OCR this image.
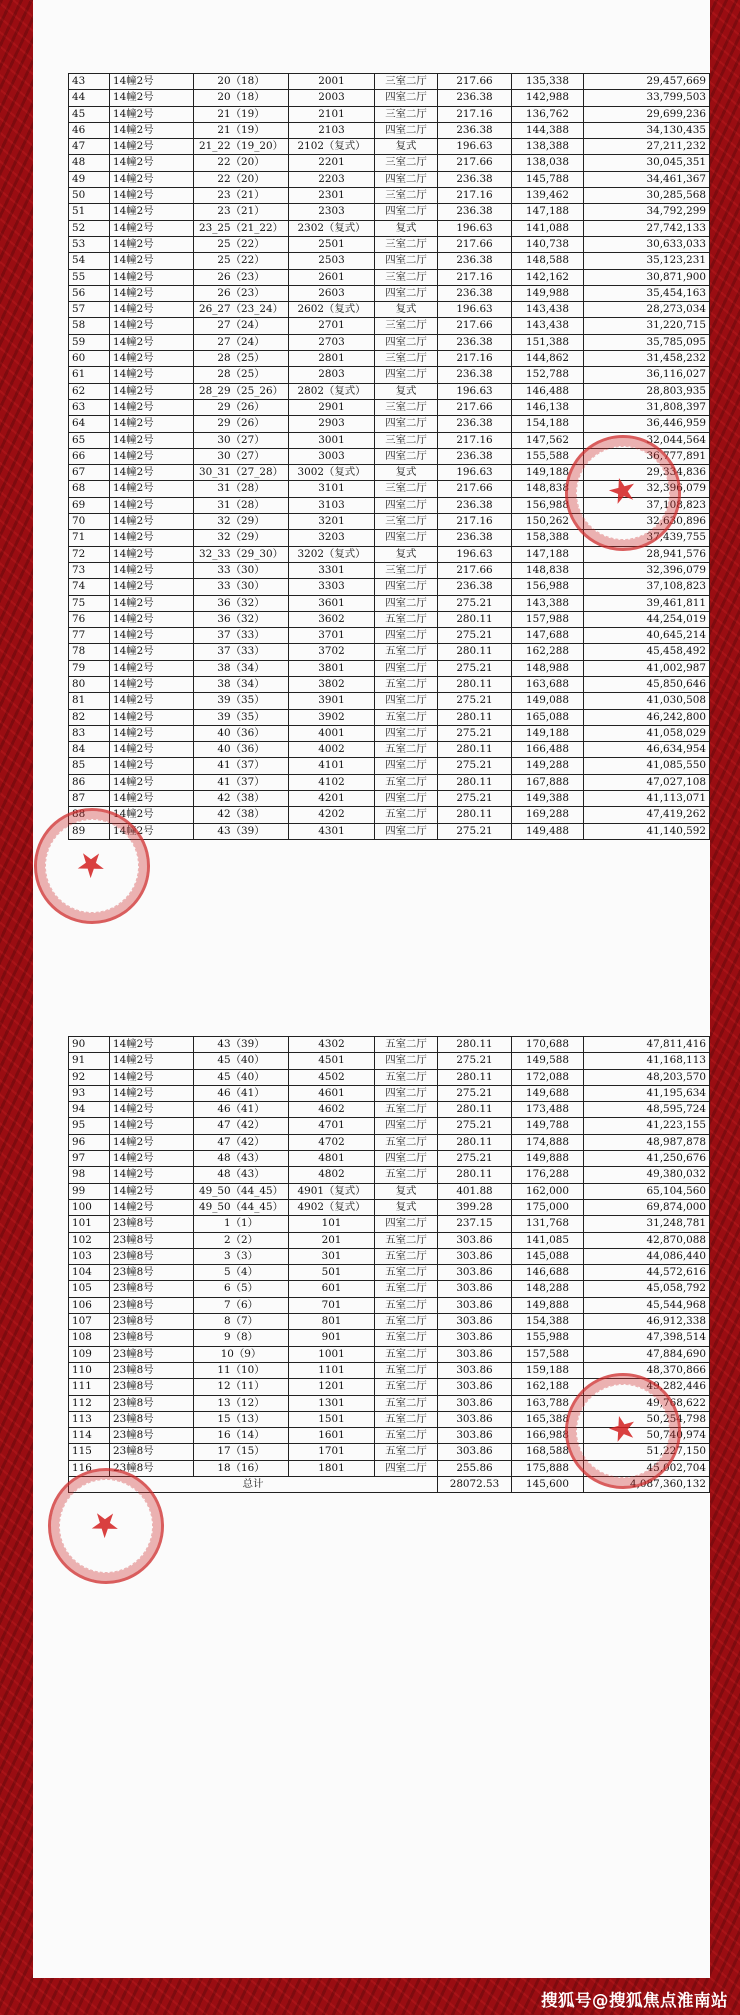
43	14幢2号	20（18）	2001	三室二厅	217.66	135,338	29,457,669
44	14幢2号	20（18）	2003	四室二厅	236.38	142,988	33,799,503
45	14幢2号	21（19）	2101	三室二厅	217.16	136,762	29,699,236
46	14幢2号	21（19）	2103	四室二厅	236.38	144,388	34,130,435
47	14幢2号	21_22（19_20）	2102（复式）	复式	196.63	138,388	27,211,232
48	14幢2号	22（20）	2201	三室二厅	217.66	138,038	30,045,351
49	14幢2号	22（20）	2203	四室二厅	236.38	145,788	34,461,367
50	14幢2号	23（21）	2301	三室二厅	217.16	139,462	30,285,568
51	14幢2号	23（21）	2303	四室二厅	236.38	147,188	34,792,299
52	14幢2号	23_25（21_22）	2302（复式）	复式	196.63	141,088	27,742,133
53	14幢2号	25（22）	2501	三室二厅	217.66	140,738	30,633,033
54	14幢2号	25（22）	2503	四室二厅	236.38	148,588	35,123,231
55	14幢2号	26（23）	2601	三室二厅	217.16	142,162	30,871,900
56	14幢2号	26（23）	2603	四室二厅	236.38	149,988	35,454,163
57	14幢2号	26_27（23_24）	2602（复式）	复式	196.63	143,438	28,273,034
58	14幢2号	27（24）	2701	三室二厅	217.66	143,438	31,220,715
59	14幢2号	27（24）	2703	四室二厅	236.38	151,388	35,785,095
60	14幢2号	28（25）	2801	三室二厅	217.16	144,862	31,458,232
61	14幢2号	28（25）	2803	四室二厅	236.38	152,788	36,116,027
62	14幢2号	28_29（25_26）	2802（复式）	复式	196.63	146,488	28,803,935
63	14幢2号	29（26）	2901	三室二厅	217.66	146,138	31,808,397
64	14幢2号	29（26）	2903	四室二厅	236.38	154,188	36,446,959
65	14幢2号	30（27）	3001	三室二厅	217.16	147,562	32,044,564
66	14幢2号	30（27）	3003	四室二厅	236.38	155,588	36,777,891
67	14幢2号	30_31（27_28）	3002（复式）	复式	196.63	149,188	29,334,836
68	14幢2号	31（28）	3101	三室二厅	217.66	148,838	32,396,079
69	14幢2号	31（28）	3103	四室二厅	236.38	156,988	37,108,823
70	14幢2号	32（29）	3201	三室二厅	217.16	150,262	32,630,896
71	14幢2号	32（29）	3203	四室二厅	236.38	158,388	37,439,755
72	14幢2号	32_33（29_30）	3202（复式）	复式	196.63	147,188	28,941,576
73	14幢2号	33（30）	3301	三室二厅	217.66	148,838	32,396,079
74	14幢2号	33（30）	3303	四室二厅	236.38	156,988	37,108,823
75	14幢2号	36（32）	3601	四室二厅	275.21	143,388	39,461,811
76	14幢2号	36（32）	3602	五室二厅	280.11	157,988	44,254,019
77	14幢2号	37（33）	3701	四室二厅	275.21	147,688	40,645,214
78	14幢2号	37（33）	3702	五室二厅	280.11	162,288	45,458,492
79	14幢2号	38（34）	3801	四室二厅	275.21	148,988	41,002,987
80	14幢2号	38（34）	3802	五室二厅	280.11	163,688	45,850,646
81	14幢2号	39（35）	3901	四室二厅	275.21	149,088	41,030,508
82	14幢2号	39（35）	3902	五室二厅	280.11	165,088	46,242,800
83	14幢2号	40（36）	4001	四室二厅	275.21	149,188	41,058,029
84	14幢2号	40（36）	4002	五室二厅	280.11	166,488	46,634,954
85	14幢2号	41（37）	4101	四室二厅	275.21	149,288	41,085,550
86	14幢2号	41（37）	4102	五室二厅	280.11	167,888	47,027,108
87	14幢2号	42（38）	4201	四室二厅	275.21	149,388	41,113,071
88	14幢2号	42（38）	4202	五室二厅	280.11	169,288	47,419,262
89	14幢2号	43（39）	4301	四室二厅	275.21	149,488	41,140,592
90	14幢2号	43（39）	4302	五室二厅	280.11	170,688	47,811,416
91	14幢2号	45（40）	4501	四室二厅	275.21	149,588	41,168,113
92	14幢2号	45（40）	4502	五室二厅	280.11	172,088	48,203,570
93	14幢2号	46（41）	4601	四室二厅	275.21	149,688	41,195,634
94	14幢2号	46（41）	4602	五室二厅	280.11	173,488	48,595,724
95	14幢2号	47（42）	4701	四室二厅	275.21	149,788	41,223,155
96	14幢2号	47（42）	4702	五室二厅	280.11	174,888	48,987,878
97	14幢2号	48（43）	4801	四室二厅	275.21	149,888	41,250,676
98	14幢2号	48（43）	4802	五室二厅	280.11	176,288	49,380,032
99	14幢2号	49_50（44_45）	4901（复式）	复式	401.88	162,000	65,104,560
100	14幢2号	49_50（44_45）	4902（复式）	复式	399.28	175,000	69,874,000
101	23幢8号	1（1）	101	四室二厅	237.15	131,768	31,248,781
102	23幢8号	2（2）	201	五室二厅	303.86	141,085	42,870,088
103	23幢8号	3（3）	301	五室二厅	303.86	145,088	44,086,440
104	23幢8号	5（4）	501	五室二厅	303.86	146,688	44,572,616
105	23幢8号	6（5）	601	五室二厅	303.86	148,288	45,058,792
106	23幢8号	7（6）	701	五室二厅	303.86	149,888	45,544,968
107	23幢8号	8（7）	801	五室二厅	303.86	154,388	46,912,338
108	23幢8号	9（8）	901	五室二厅	303.86	155,988	47,398,514
109	23幢8号	10（9）	1001	五室二厅	303.86	157,588	47,884,690
110	23幢8号	11（10）	1101	五室二厅	303.86	159,188	48,370,866
111	23幢8号	12（11）	1201	五室二厅	303.86	162,188	49,282,446
112	23幢8号	13（12）	1301	五室二厅	303.86	163,788	49,768,622
113	23幢8号	15（13）	1501	五室二厅	303.86	165,388	50,254,798
114	23幢8号	16（14）	1601	五室二厅	303.86	166,988	50,740,974
115	23幢8号	17（15）	1701	五室二厅	303.86	168,588	51,227,150
116	23幢8号	18（16）	1801	四室二厅	255.86	175,888	45,002,704
总计					28072.53	145,600	4,087,360,132
★
★
★
★
搜狐号@搜狐焦点淮南站
